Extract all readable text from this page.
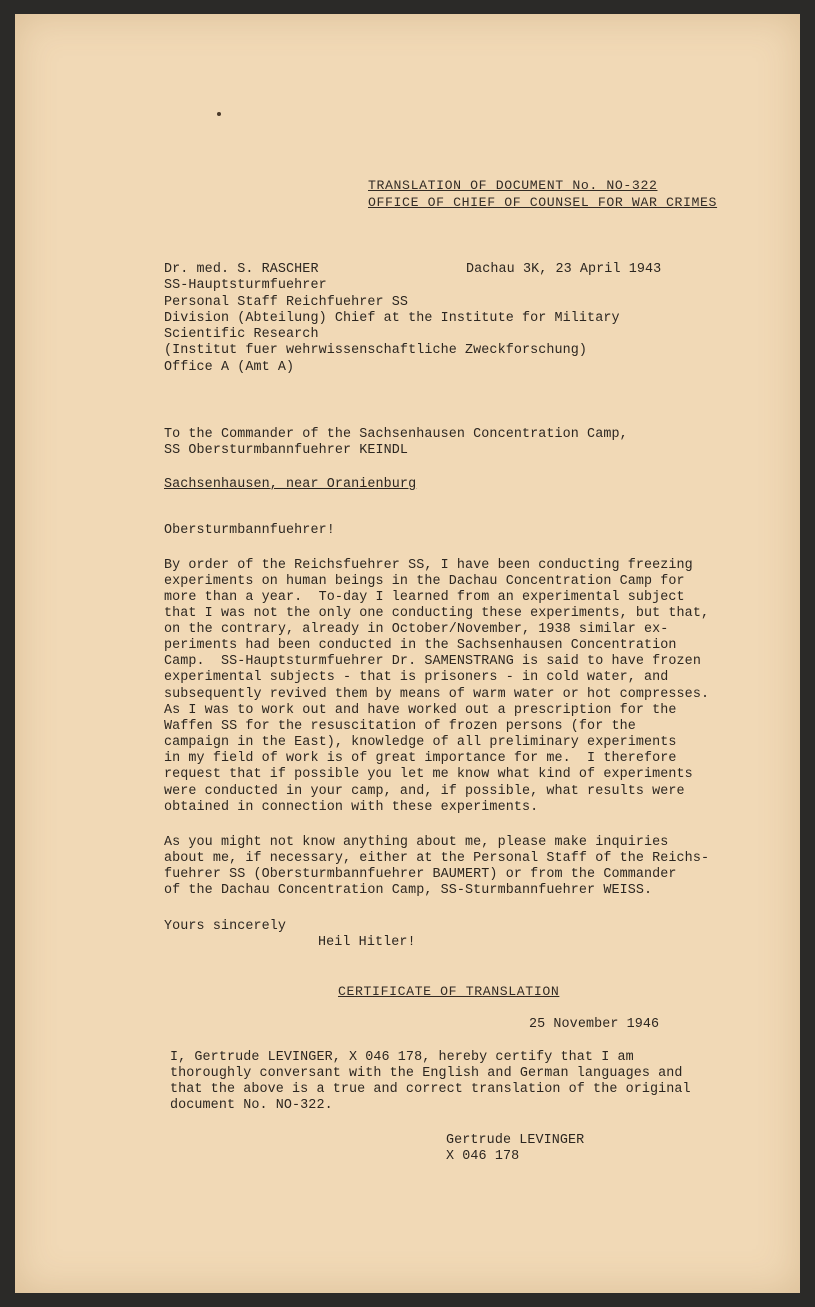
TRANSLATION OF DOCUMENT No. NO-322
OFFICE OF CHIEF OF COUNSEL FOR WAR CRIMES
Dr. med. S. RASCHER	Dachau 3K, 23 April 1943
SS-Hauptsturmfuehrer
Personal Staff Reichfuehrer SS
Division (Abteilung) Chief at the Institute for Military
Scientific Research
(Institut fuer wehrwissenschaftliche Zweckforschung)
Office A (Amt A)
To the Commander of the Sachsenhausen Concentration Camp,
SS Obersturmbannfuehrer KEINDL
Sachsenhausen, near Oranienburg
Obersturmbannfuehrer!
By order of the Reichsfuehrer SS, I have been conducting freezing
experiments on human beings in the Dachau Concentration Camp for
more than a year.  To-day I learned from an experimental subject
that I was not the only one conducting these experiments, but that,
on the contrary, already in October/November, 1938 similar ex-
periments had been conducted in the Sachsenhausen Concentration
Camp.  SS-Hauptsturmfuehrer Dr. SAMENSTRANG is said to have frozen
experimental subjects - that is prisoners - in cold water, and
subsequently revived them by means of warm water or hot compresses.
As I was to work out and have worked out a prescription for the
Waffen SS for the resuscitation of frozen persons (for the
campaign in the East), knowledge of all preliminary experiments
in my field of work is of great importance for me.  I therefore
request that if possible you let me know what kind of experiments
were conducted in your camp, and, if possible, what results were
obtained in connection with these experiments.
As you might not know anything about me, please make inquiries
about me, if necessary, either at the Personal Staff of the Reichs-
fuehrer SS (Obersturmbannfuehrer BAUMERT) or from the Commander
of the Dachau Concentration Camp, SS-Sturmbannfuehrer WEISS.
Yours sincerely
Heil Hitler!
CERTIFICATE OF TRANSLATION
25 November 1946
I, Gertrude LEVINGER, X 046 178, hereby certify that I am
thoroughly conversant with the English and German languages and
that the above is a true and correct translation of the original
document No. NO-322.
Gertrude LEVINGER
X 046 178
